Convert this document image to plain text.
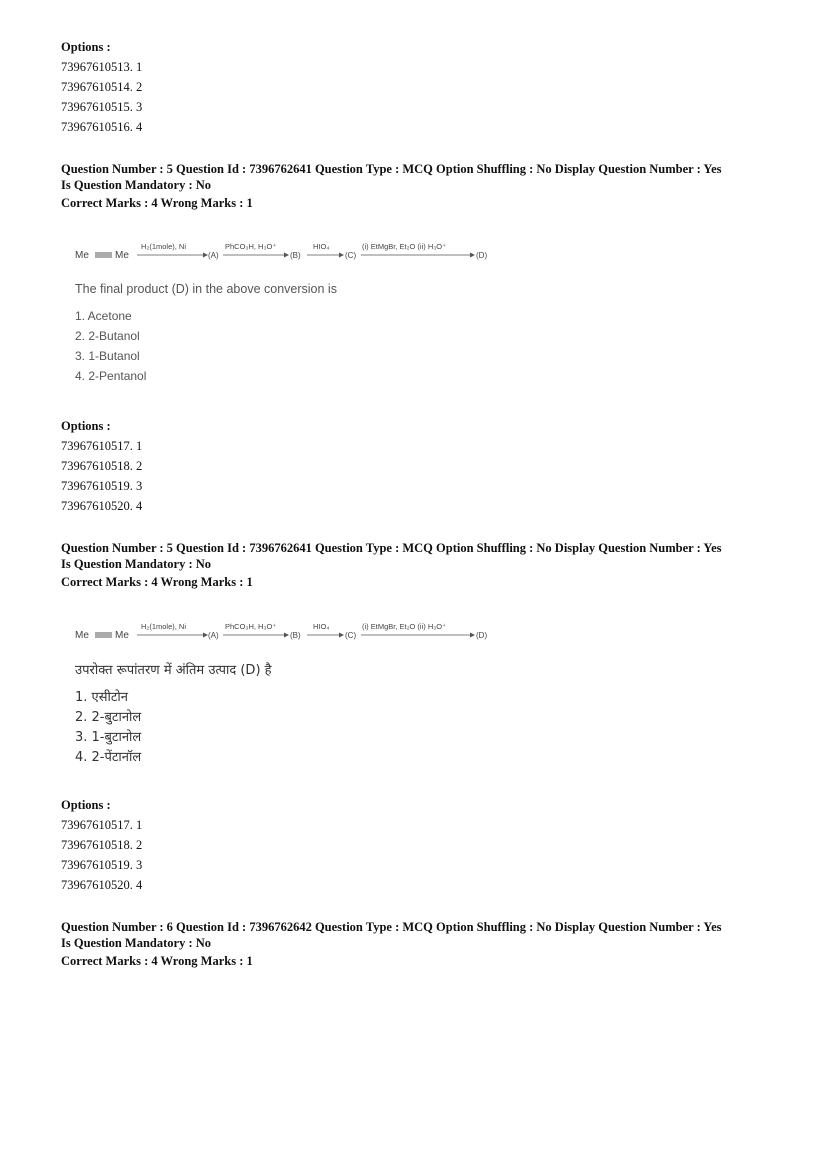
Options :
73967610513. 1
73967610514. 2
73967610515. 3
73967610516. 4
Question Number : 5 Question Id : 7396762641 Question Type : MCQ Option Shuffling : No Display Question Number : Yes
Is Question Mandatory : No
Correct Marks : 4 Wrong Marks : 1
Me	Me
H₂(1mole), Ni
(A)
PhCO₃H, H₃O⁺
(B)
HIO₄
(C)
(i) EtMgBr, Et₂O (ii) H₃O⁺
(D)
The final product (D) in the above conversion is
1. Acetone
2. 2-Butanol
3. 1-Butanol
4. 2-Pentanol
Options :
73967610517. 1
73967610518. 2
73967610519. 3
73967610520. 4
Question Number : 5 Question Id : 7396762641 Question Type : MCQ Option Shuffling : No Display Question Number : Yes
Is Question Mandatory : No
Correct Marks : 4 Wrong Marks : 1
Me	Me
H₂(1mole), Ni
(A)
PhCO₃H, H₃O⁺
(B)
HIO₄
(C)
(i) EtMgBr, Et₂O (ii) H₃O⁺
(D)
उपरोक्त रूपांतरण में अंतिम उत्पाद (D) है
1. एसीटोन
2. 2-बुटानोल
3. 1-बुटानोल
4. 2-पेंटानॉल
Options :
73967610517. 1
73967610518. 2
73967610519. 3
73967610520. 4
Question Number : 6 Question Id : 7396762642 Question Type : MCQ Option Shuffling : No Display Question Number : Yes
Is Question Mandatory : No
Correct Marks : 4 Wrong Marks : 1
